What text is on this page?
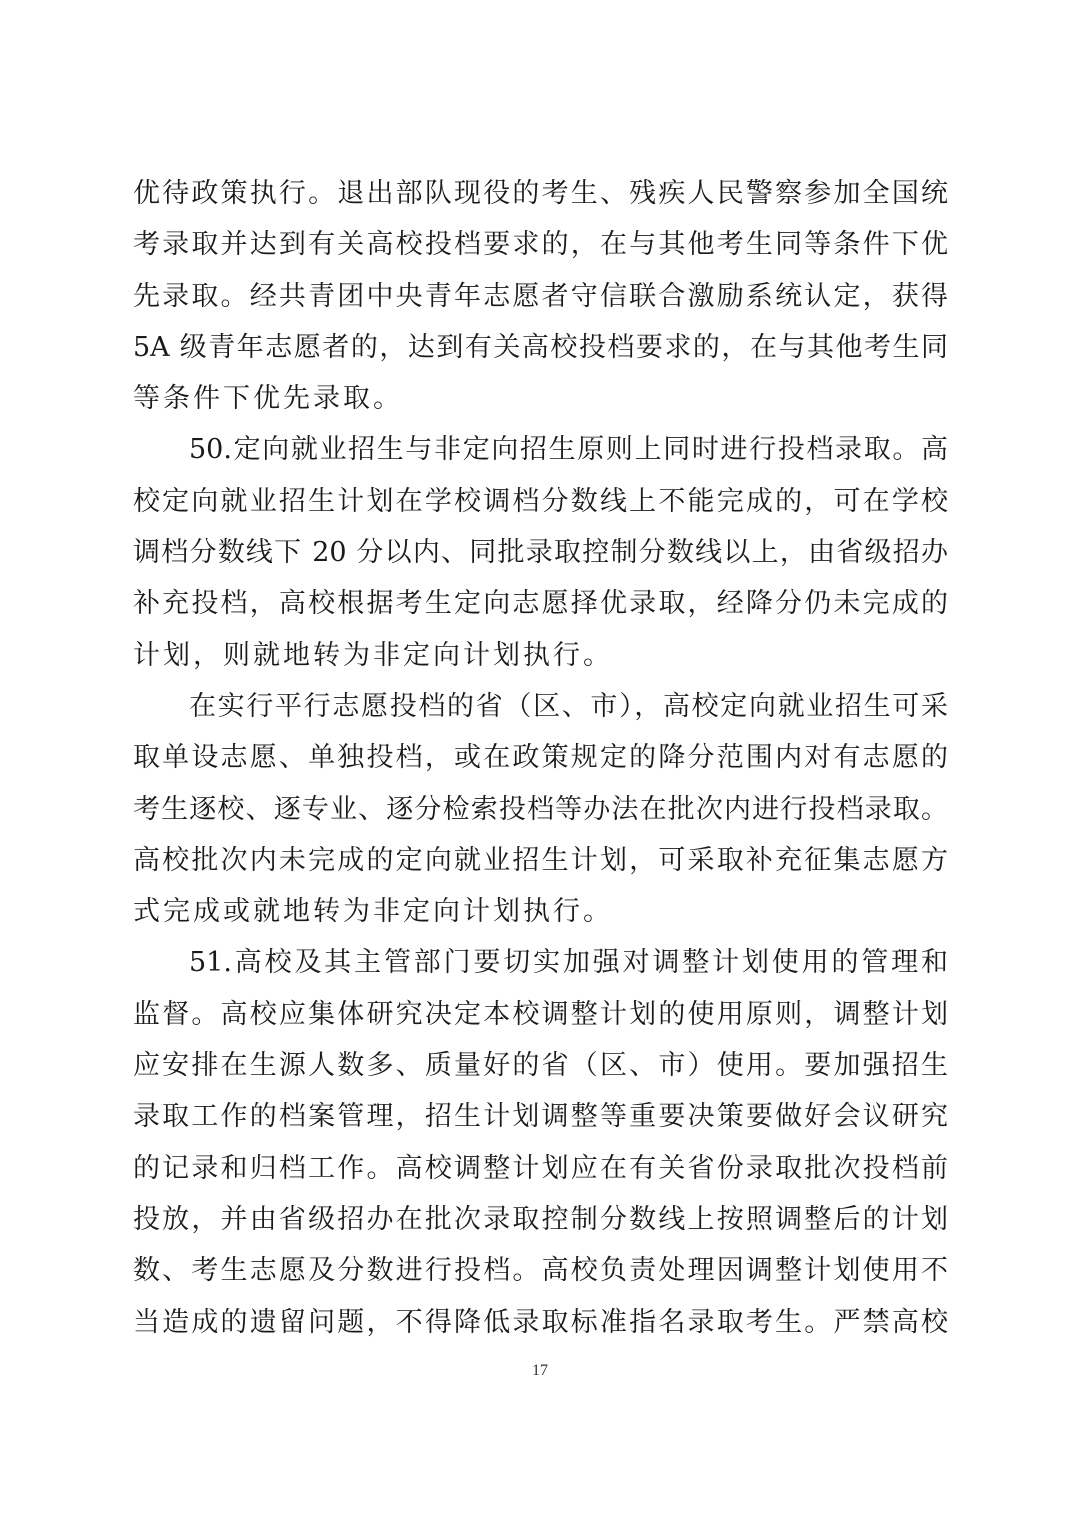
优待政策执行。退出部队现役的考生、残疾人民警察参加全国统
考录取并达到有关高校投档要求的，在与其他考生同等条件下优
先录取。经共青团中央青年志愿者守信联合激励系统认定，获得
5A 级青年志愿者的，达到有关高校投档要求的，在与其他考生同
等条件下优先录取。
50.定向就业招生与非定向招生原则上同时进行投档录取。高
校定向就业招生计划在学校调档分数线上不能完成的，可在学校
调档分数线下 20 分以内、同批录取控制分数线以上，由省级招办
补充投档，高校根据考生定向志愿择优录取，经降分仍未完成的
计划，则就地转为非定向计划执行。
在实行平行志愿投档的省（区、市），高校定向就业招生可采
取单设志愿、单独投档，或在政策规定的降分范围内对有志愿的
考生逐校、逐专业、逐分检索投档等办法在批次内进行投档录取。
高校批次内未完成的定向就业招生计划，可采取补充征集志愿方
式完成或就地转为非定向计划执行。
51.高校及其主管部门要切实加强对调整计划使用的管理和
监督。高校应集体研究决定本校调整计划的使用原则，调整计划
应安排在生源人数多、质量好的省（区、市）使用。要加强招生
录取工作的档案管理，招生计划调整等重要决策要做好会议研究
的记录和归档工作。高校调整计划应在有关省份录取批次投档前
投放，并由省级招办在批次录取控制分数线上按照调整后的计划
数、考生志愿及分数进行投档。高校负责处理因调整计划使用不
当造成的遗留问题，不得降低录取标准指名录取考生。严禁高校
17
